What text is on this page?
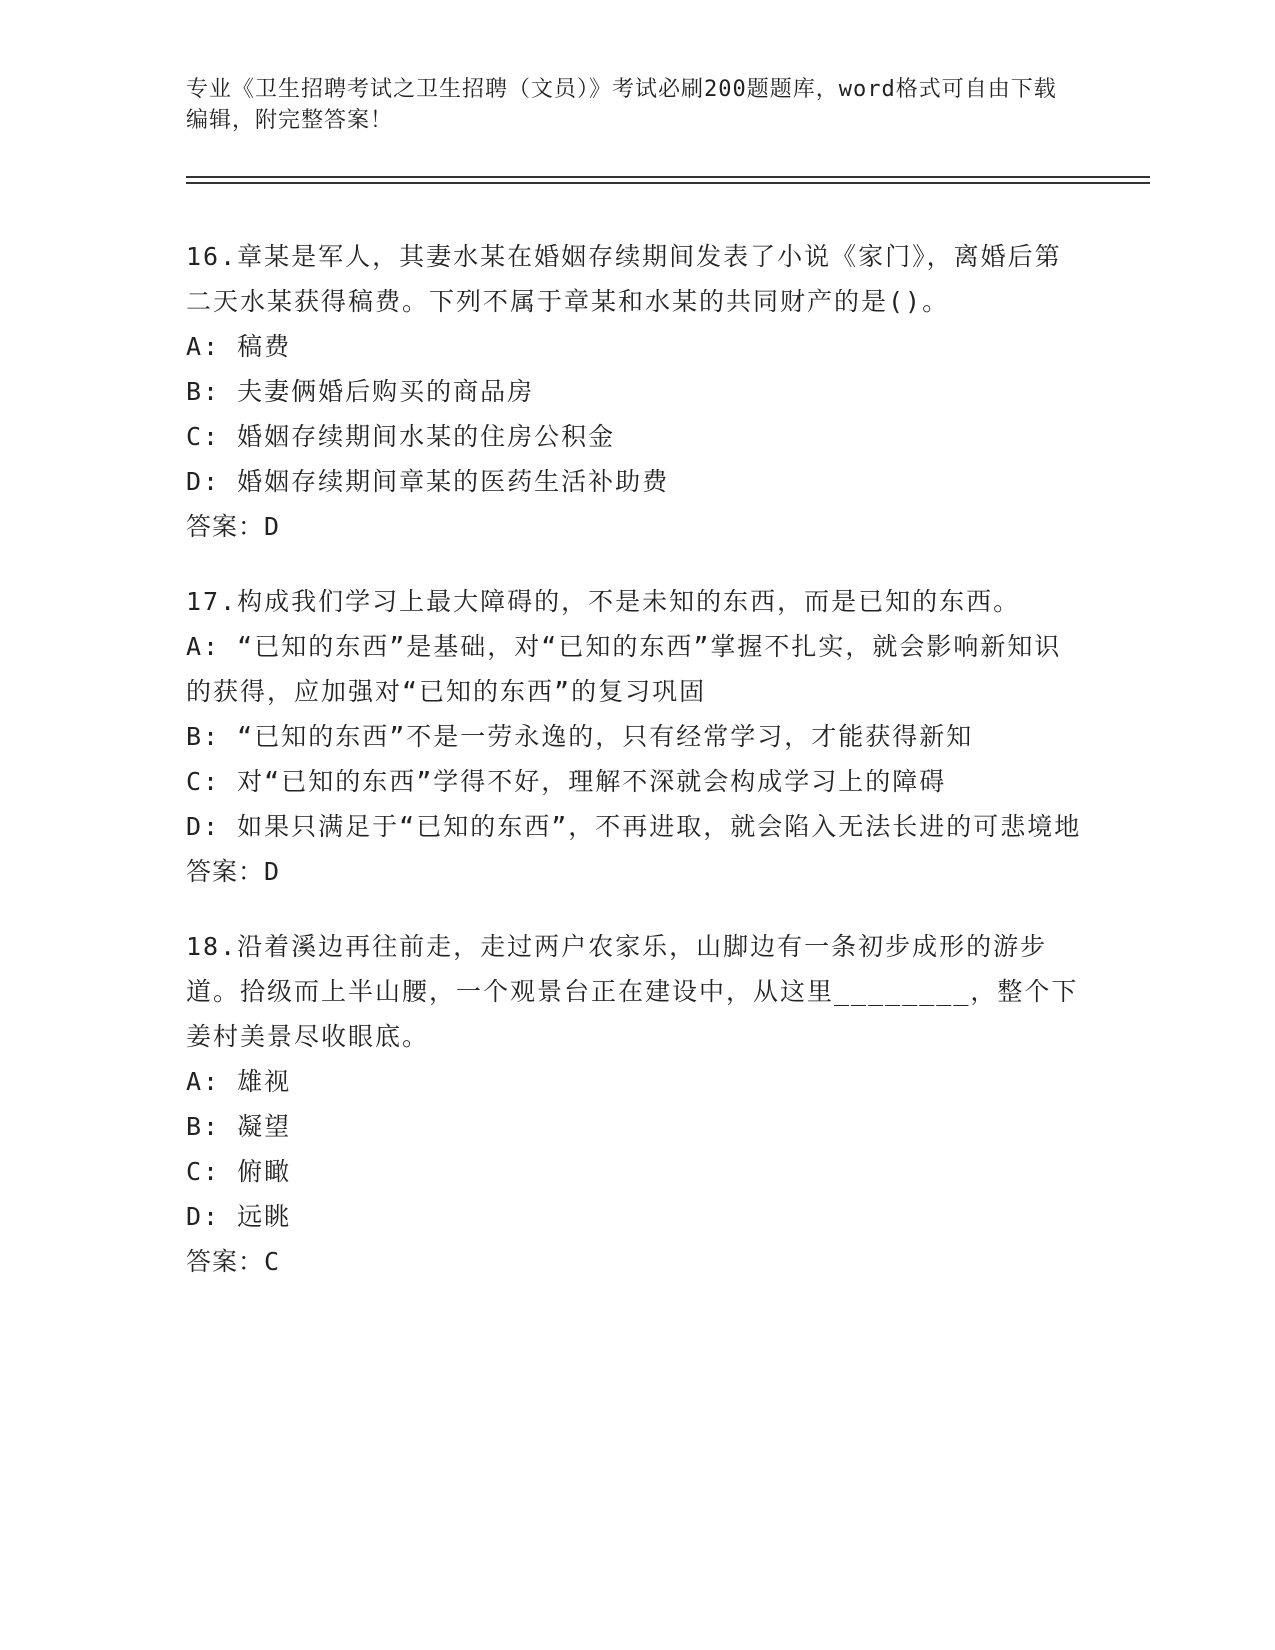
专业《卫生招聘考试之卫生招聘（文员）》考试必刷200题题库，word格式可自由下载编辑，附完整答案！
16.章某是军人，其妻水某在婚姻存续期间发表了小说《家门》，离婚后第二天水某获得稿费。下列不属于章某和水某的共同财产的是()。
A: 稿费
B: 夫妻俩婚后购买的商品房
C: 婚姻存续期间水某的住房公积金
D: 婚姻存续期间章某的医药生活补助费
答案：D
17.构成我们学习上最大障碍的，不是未知的东西，而是已知的东西。
A: “已知的东西”是基础，对“已知的东西”掌握不扎实，就会影响新知识的获得，应加强对“已知的东西”的复习巩固
B: “已知的东西”不是一劳永逸的，只有经常学习，才能获得新知
C: 对“已知的东西”学得不好，理解不深就会构成学习上的障碍
D: 如果只满足于“已知的东西”，不再进取，就会陷入无法长进的可悲境地
答案：D
18.沿着溪边再往前走，走过两户农家乐，山脚边有一条初步成形的游步道。拾级而上半山腰，一个观景台正在建设中，从这里________，整个下姜村美景尽收眼底。
A: 雄视
B: 凝望
C: 俯瞰
D: 远眺
答案：C
